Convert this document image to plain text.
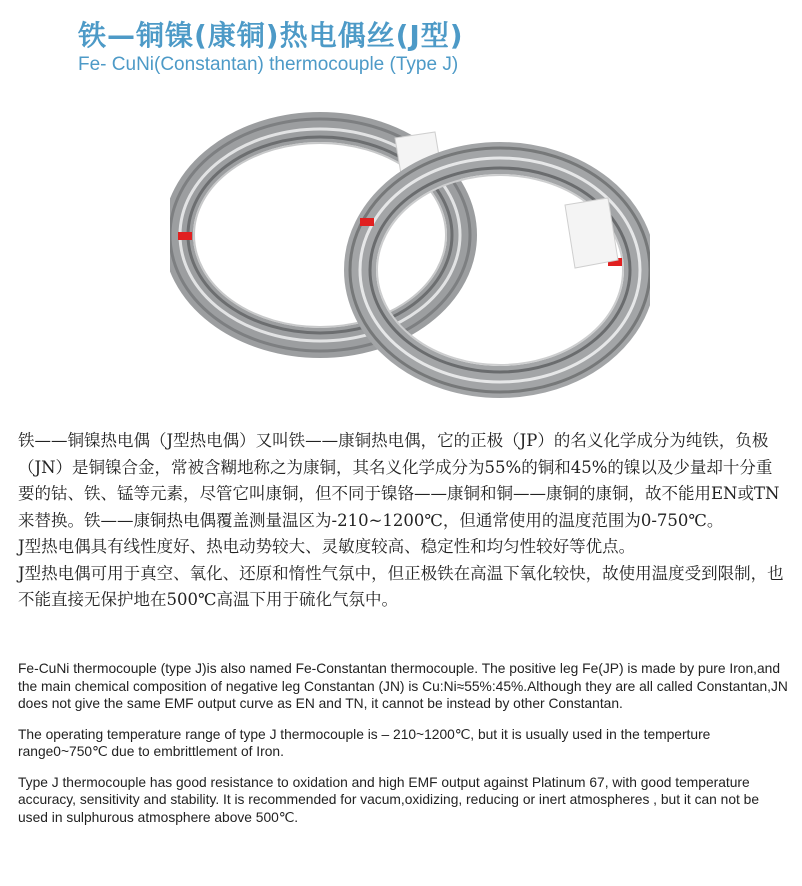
铁—铜镍(康铜)热电偶丝(J型)
Fe- CuNi(Constantan) thermocouple (Type J)

铁——铜镍热电偶（J型热电偶）又叫铁——康铜热电偶，它的正极（JP）的名义化学成分为纯铁，负极（JN）是铜镍合金，常被含糊地称之为康铜，其名义化学成分为55%的铜和45%的镍以及少量却十分重要的钴、铁、锰等元素，尽管它叫康铜，但不同于镍铬——康铜和铜——康铜的康铜，故不能用EN或TN来替换。铁——康铜热电偶覆盖测量温区为-210~1200℃，但通常使用的温度范围为0-750℃。

J型热电偶具有线性度好、热电动势较大、灵敏度较高、稳定性和均匀性较好等优点。

J型热电偶可用于真空、氧化、还原和惰性气氛中，但正极铁在高温下氧化较快，故使用温度受到限制，也不能直接无保护地在500℃高温下用于硫化气氛中。

Fe-CuNi thermocouple (type J)is also named Fe-Constantan thermocouple. The positive leg Fe(JP) is made by pure Iron,and the main chemical composition of negative leg Constantan (JN) is Cu:Ni≈55%:45%.Although they are all called Constantan,JN does not give the same EMF output curve as EN and TN, it cannot be instead by other Constantan.

The operating temperature range of type J thermocouple is – 210~1200℃, but it is usually used in the temperture range0~750℃ due to embrittlement of Iron.

Type J thermocouple has good resistance to oxidation and high EMF output against Platinum 67, with good temperature accuracy, sensitivity and stability. It is recommended for vacum,oxidizing, reducing or inert atmospheres , but it can not be used in sulphurous atmosphere above 500℃.
